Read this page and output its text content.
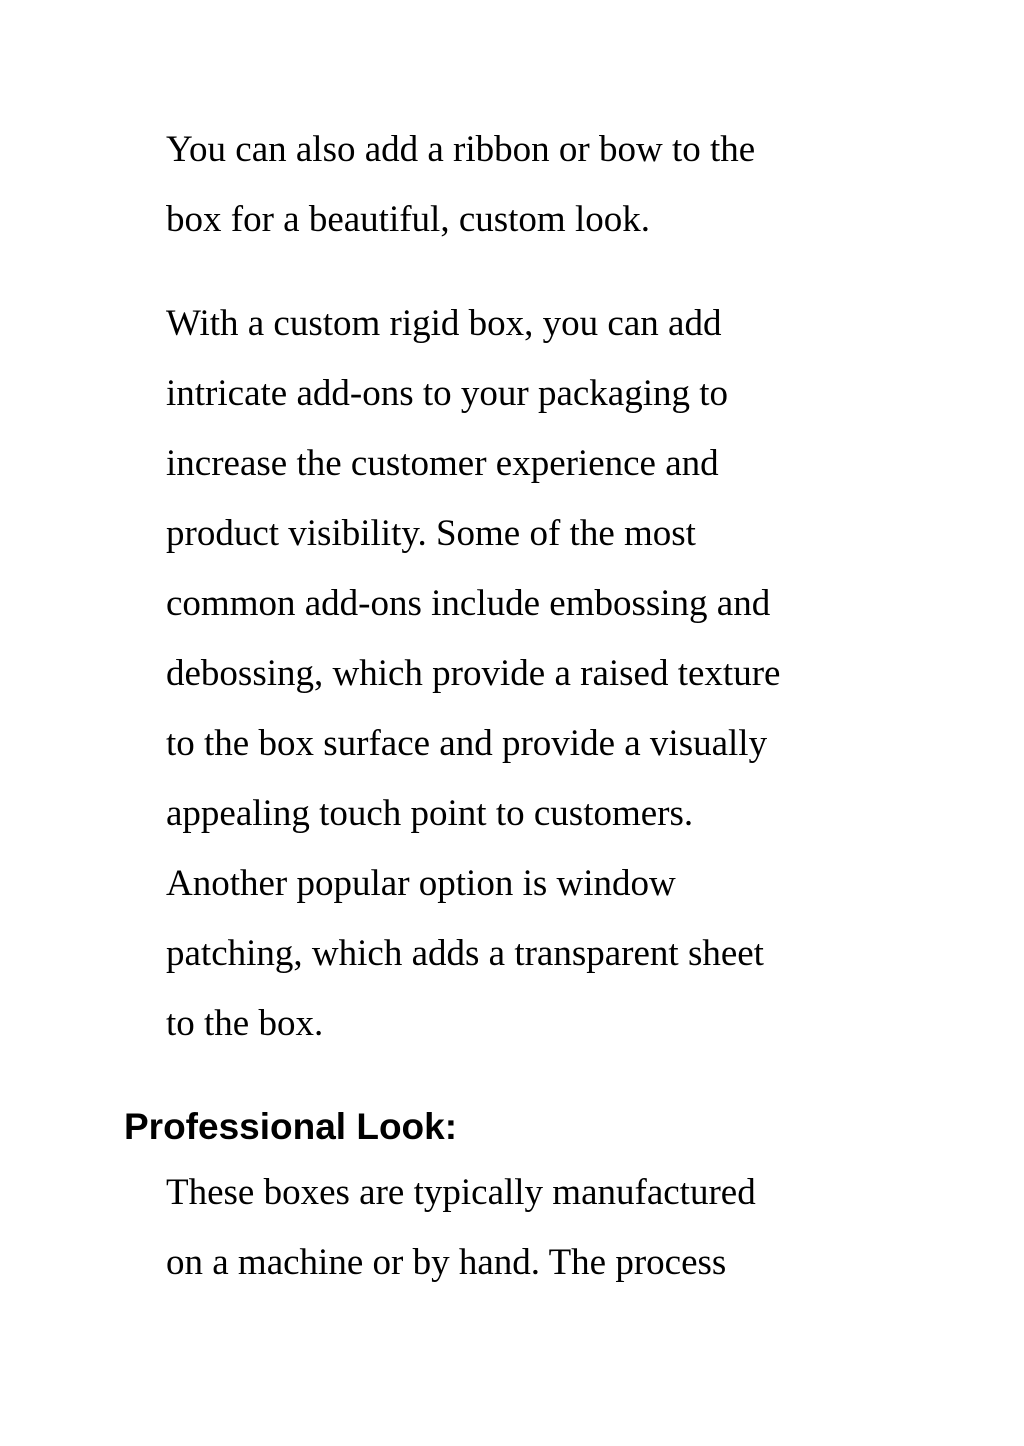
You can also add a ribbon or bow to the
box for a beautiful, custom look.

With a custom rigid box, you can add
intricate add-ons to your packaging to
increase the customer experience and
product visibility. Some of the most
common add-ons include embossing and
debossing, which provide a raised texture
to the box surface and provide a visually
appealing touch point to customers.
Another popular option is window
patching, which adds a transparent sheet
to the box.

Professional Look:

These boxes are typically manufactured
on a machine or by hand. The process
